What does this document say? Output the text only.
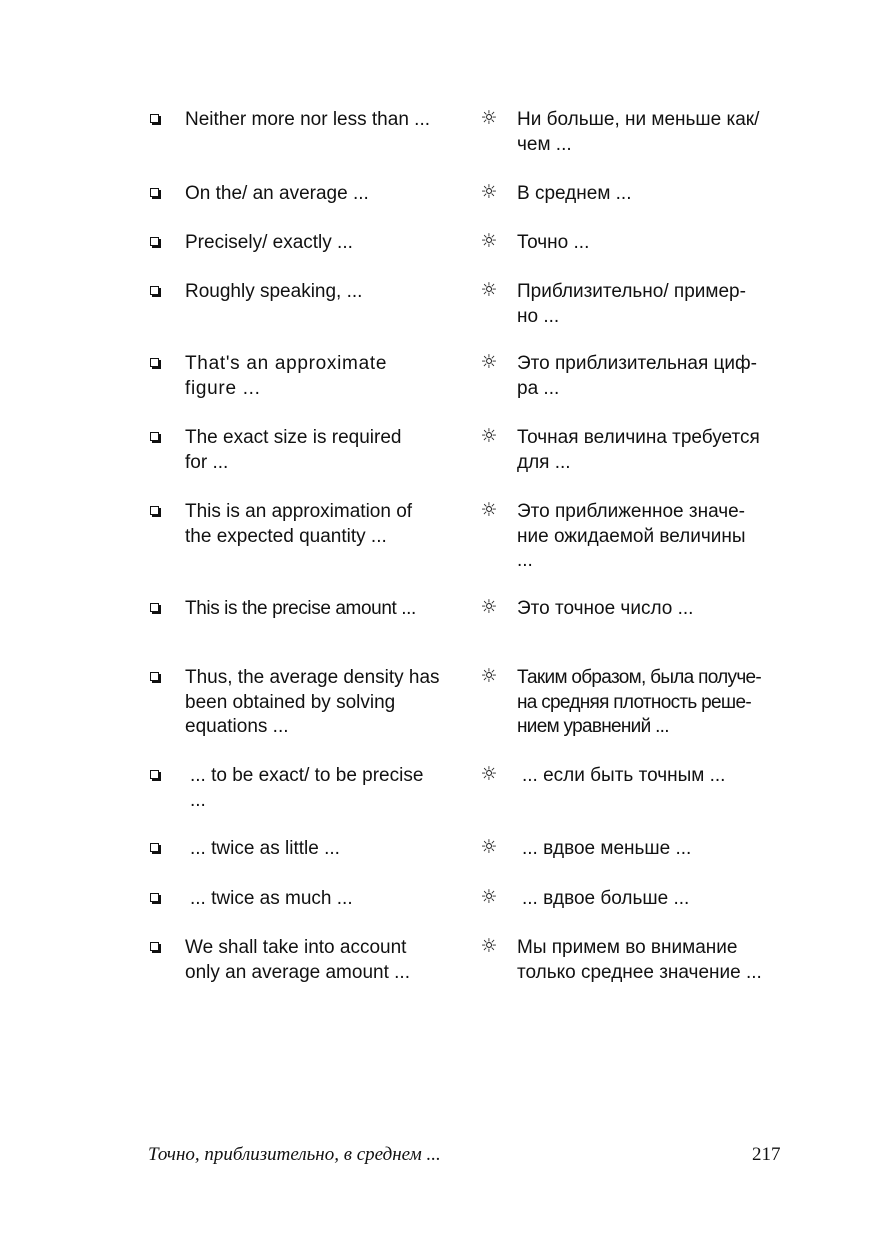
Neither more nor less than ...	☼ Ни больше, ни меньше как/
чем ...
On the/ an average ...	☼ В среднем ...
Precisely/ exactly ...	☼ Точно ...
Roughly speaking, ...	☼ Приблизительно/ пример-
но ...
That's an approximate
figure ...
☼ Это приблизительная циф-
ра ...
The exact size is required
for ...
☼ Точная величина требуется
для ...
This is an approximation of
the expected quantity ...
☼ Это приближенное значе-
ние ожидаемой величины
...
This is the precise amount ...	☼ Это точное число ...
Thus, the average density has
been obtained by solving
equations ...
☼ Таким образом, была получе-
на средняя плотность реше-
нием уравнений ...
... to be exact/ to be precise
...
☼ ... если быть точным ...
... twice as little ...	☼ ... вдвое меньше ...
... twice as much ...	☼ ... вдвое больше ...
We shall take into account
only an average amount ...
☼ Мы примем во внимание
только среднее значение ...
Точно, приблизительно, в среднем ...	217
